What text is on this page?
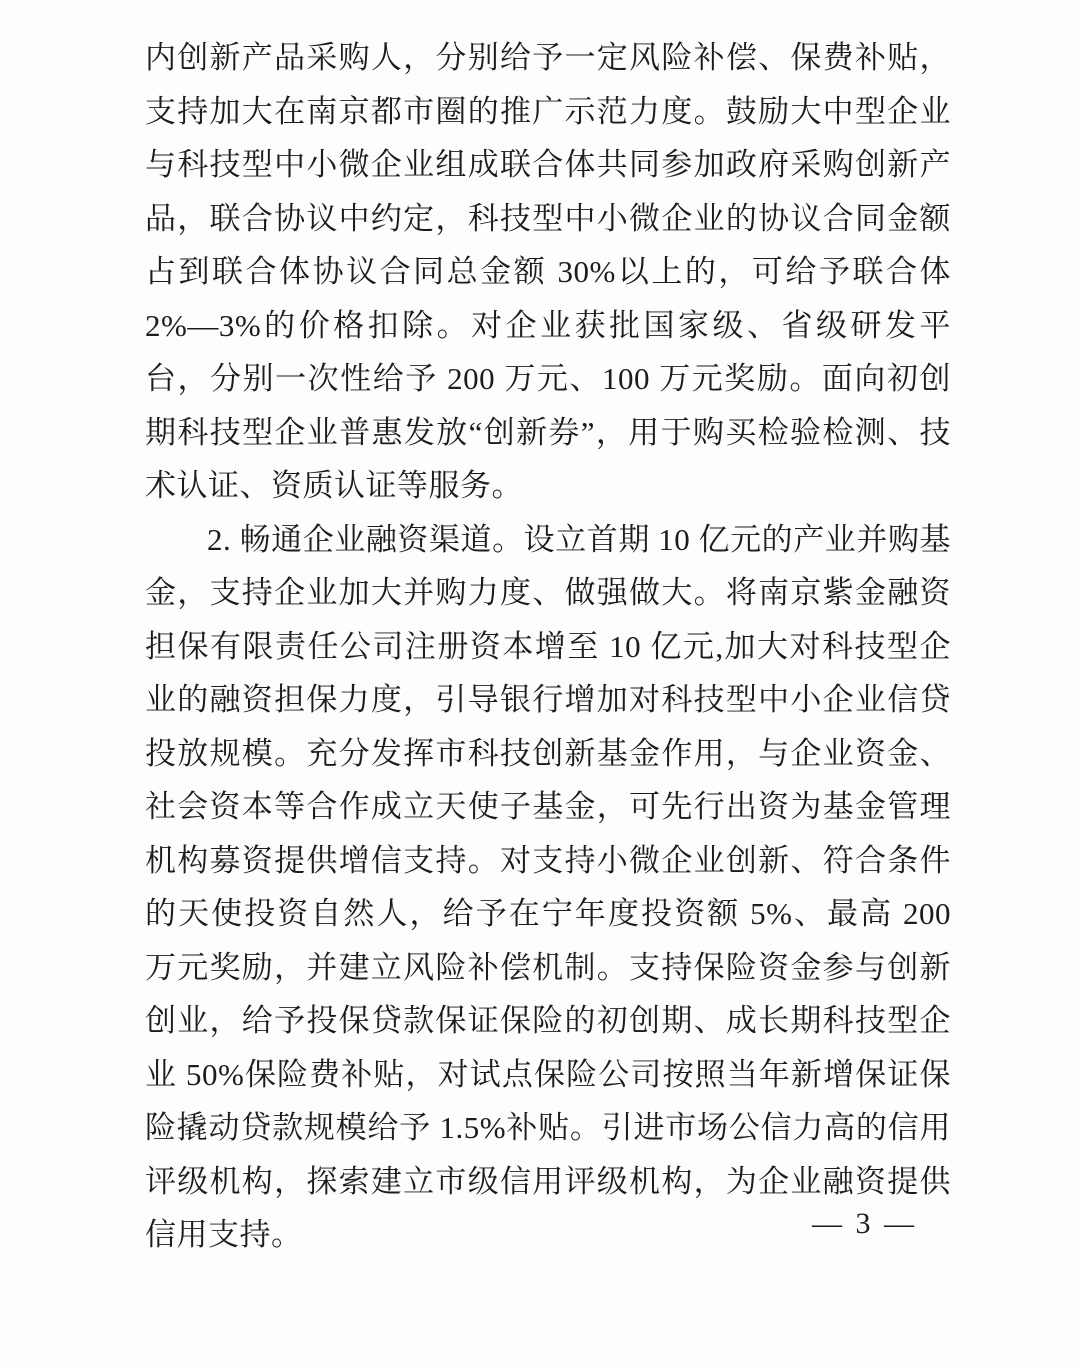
内创新产品采购人，分别给予一定风险补偿、保费补贴，支持加大在南京都市圈的推广示范力度。鼓励大中型企业与科技型中小微企业组成联合体共同参加政府采购创新产品，联合协议中约定，科技型中小微企业的协议合同金额占到联合体协议合同总金额 30%以上的，可给予联合体 2%—3%的价格扣除。对企业获批国家级、省级研发平台，分别一次性给予 200 万元、100 万元奖励。面向初创期科技型企业普惠发放“创新券”，用于购买检验检测、技术认证、资质认证等服务。

2. 畅通企业融资渠道。设立首期 10 亿元的产业并购基金，支持企业加大并购力度、做强做大。将南京紫金融资担保有限责任公司注册资本增至 10 亿元,加大对科技型企业的融资担保力度，引导银行增加对科技型中小企业信贷投放规模。充分发挥市科技创新基金作用，与企业资金、社会资本等合作成立天使子基金，可先行出资为基金管理机构募资提供增信支持。对支持小微企业创新、符合条件的天使投资自然人，给予在宁年度投资额 5%、最高 200 万元奖励，并建立风险补偿机制。支持保险资金参与创新创业，给予投保贷款保证保险的初创期、成长期科技型企业 50%保险费补贴，对试点保险公司按照当年新增保证保险撬动贷款规模给予 1.5%补贴。引进市场公信力高的信用评级机构，探索建立市级信用评级机构，为企业融资提供信用支持。	— 3 —
